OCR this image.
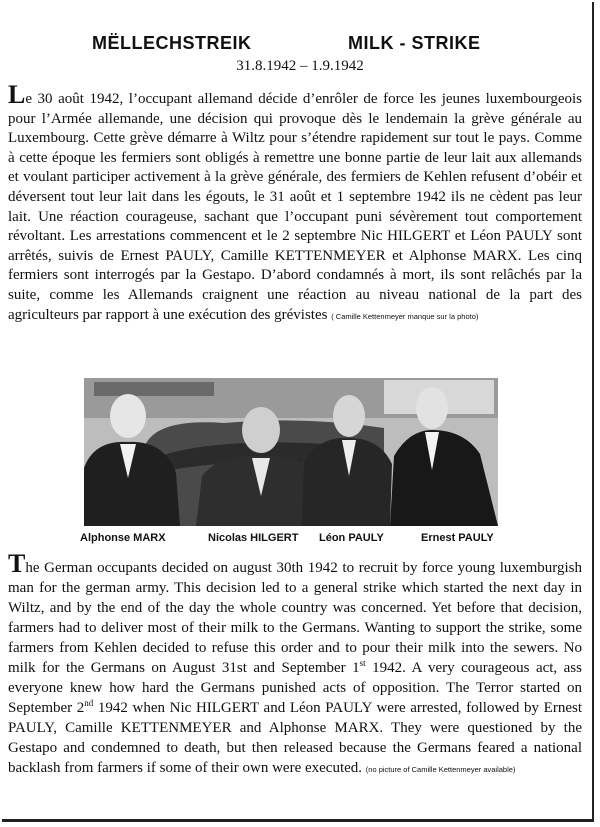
MËLLECHSTREIK	MILK - STRIKE
31.8.1942 – 1.9.1942

Le 30 août 1942, l’occupant allemand décide d’enrôler de force les jeunes luxembourgeois pour l’Armée allemande, une décision qui provoque dès le lendemain la grève générale au Luxembourg. Cette grève démarre à Wiltz pour s’étendre rapidement sur tout le pays. Comme à cette époque les fermiers sont obligés à remettre une bonne partie de leur lait aux allemands et voulant participer activement à la grève générale, des fermiers de Kehlen refusent d’obéir et déversent tout leur lait dans les égouts, le 31 août et 1 septembre 1942 ils ne cèdent pas leur lait. Une réaction courageuse, sachant que l’occupant puni sévèrement tout comportement révoltant. Les arrestations commencent et le 2 septembre Nic HILGERT et Léon PAULY sont arrêtés, suivis de Ernest PAULY, Camille KETTENMEYER et Alphonse MARX. Les cinq fermiers sont interrogés par la Gestapo. D’abord condamnés à mort, ils sont relâchés par la suite, comme les Allemands craignent une réaction au niveau national de la part des agriculteurs par rapport à une exécution des grévistes ( Camille Kettenmeyer manque sur la photo)

Alphonse MARX	Nicolas HILGERT Léon PAULY	Ernest PAULY

The German occupants decided on august 30th 1942 to recruit by force young luxemburgish man for the german army. This decision led to a general strike which started the next day in Wiltz, and by the end of the day the whole country was concerned. Yet before that decision, farmers had to deliver most of their milk to the Germans. Wanting to support the strike, some farmers from Kehlen decided to refuse this order and to pour their milk into the sewers. No milk for the Germans on August 31st and September 1st 1942. A very courageous act, ass everyone knew how hard the Germans punished acts of opposition. The Terror started on September 2nd 1942 when Nic HILGERT and Léon PAULY were arrested, followed by Ernest PAULY, Camille KETTENMEYER and Alphonse MARX. They were questioned by the Gestapo and condemned to death, but then released because the Germans feared a national backlash from farmers if some of their own were executed. (no picture of Camille Kettenmeyer available)
